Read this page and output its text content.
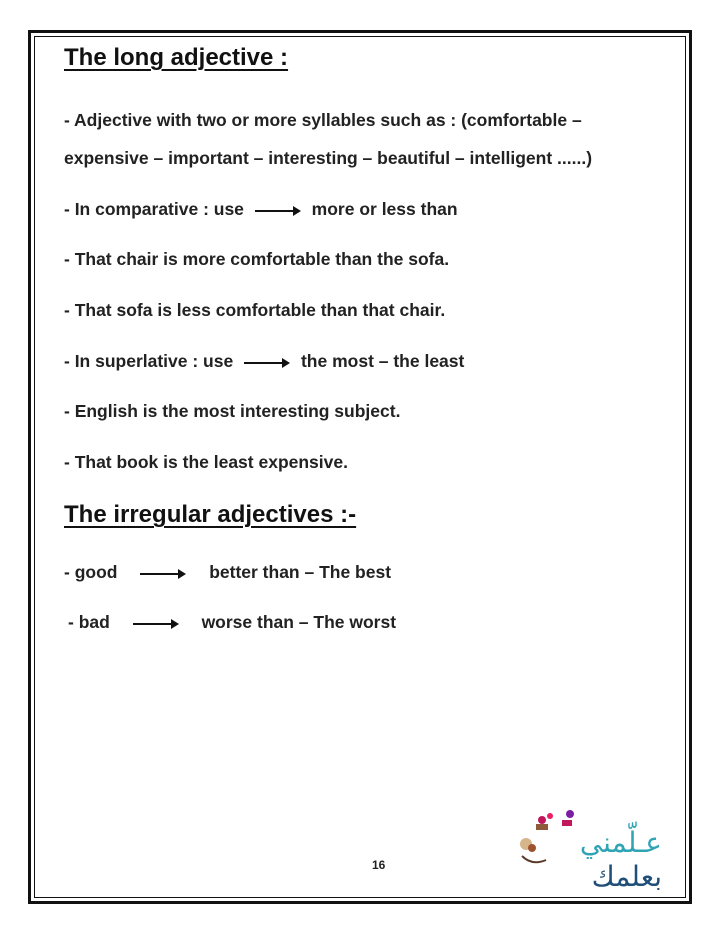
The long adjective :
- Adjective with two or more syllables such as : (comfortable –
expensive – important – interesting – beautiful – intelligent ......)
- In comparative : use	more or less than
- That chair is more comfortable than the sofa.
- That sofa is less comfortable than that chair.
- In superlative : use	the most – the least
- English is the most interesting subject.
- That book is the least expensive.
The irregular adjectives :-
- good	better than – The best
- bad	worse than – The worst
16
عـلّمني
بعلمك
